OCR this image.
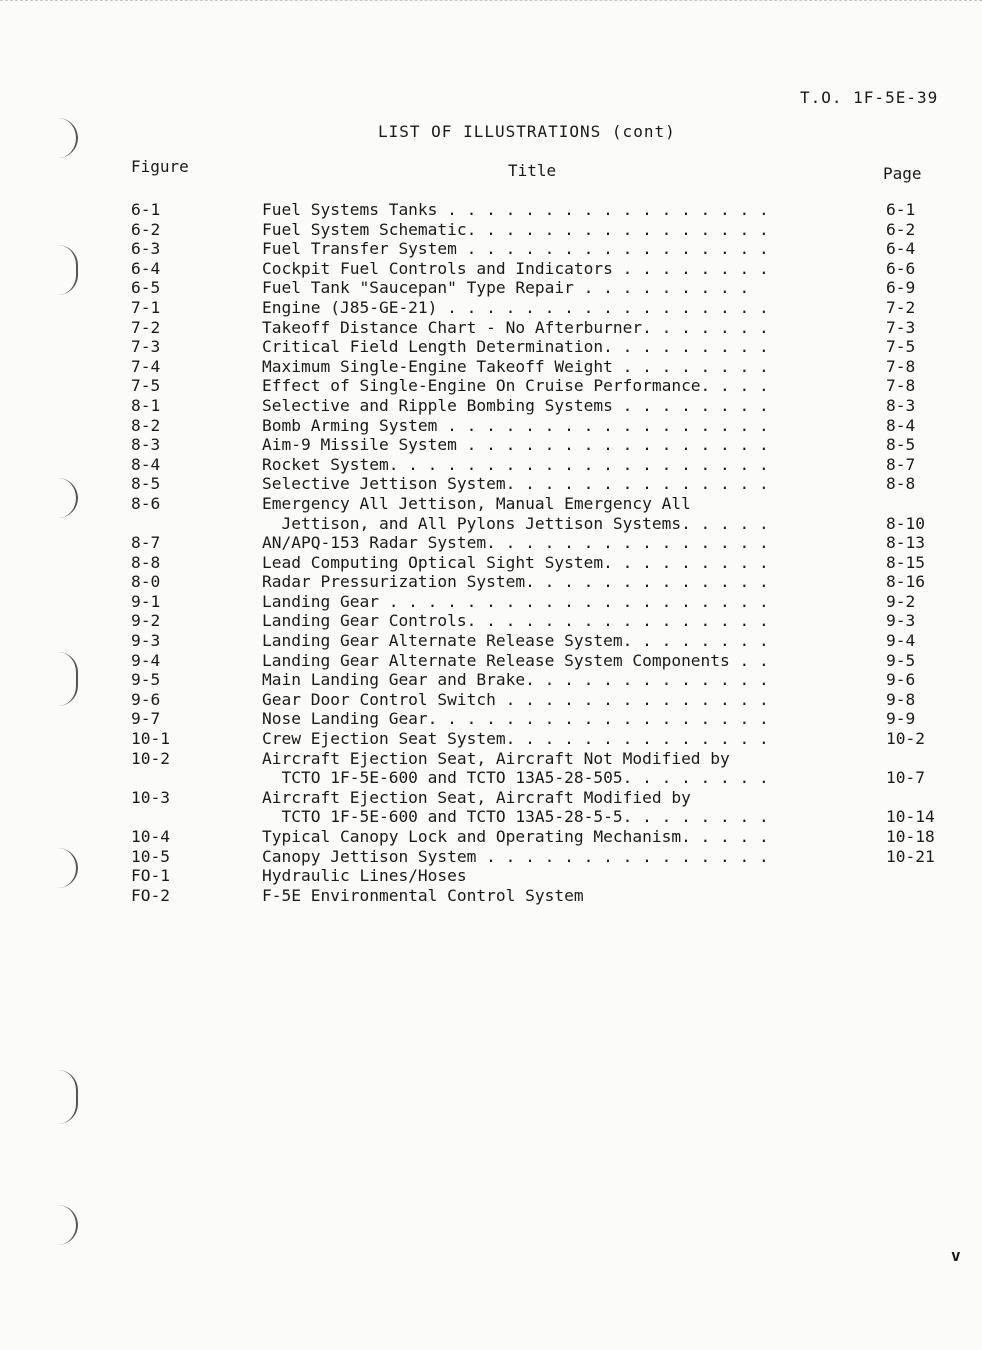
T.O. 1F-5E-39
LIST OF ILLUSTRATIONS (cont)
Figure	Title	Page
6-1	Fuel Systems Tanks . . . . . . . . . . . . . . . . .	6-1
6-2	Fuel System Schematic. . . . . . . . . . . . . . . .	6-2
6-3	Fuel Transfer System . . . . . . . . . . . . . . . .	6-4
6-4	Cockpit Fuel Controls and Indicators . . . . . . . .	6-6
6-5	Fuel Tank "Saucepan" Type Repair . . . . . . . . .	6-9
7-1	Engine (J85-GE-21) . . . . . . . . . . . . . . . . .	7-2
7-2	Takeoff Distance Chart - No Afterburner. . . . . . .	7-3
7-3	Critical Field Length Determination. . . . . . . . .	7-5
7-4	Maximum Single-Engine Takeoff Weight . . . . . . . .	7-8
7-5	Effect of Single-Engine On Cruise Performance. . . .	7-8
8-1	Selective and Ripple Bombing Systems . . . . . . . .	8-3
8-2	Bomb Arming System . . . . . . . . . . . . . . . . .	8-4
8-3	Aim-9 Missile System . . . . . . . . . . . . . . . .	8-5
8-4	Rocket System. . . . . . . . . . . . . . . . . . . .	8-7
8-5	Selective Jettison System. . . . . . . . . . . . . .	8-8
8-6	Emergency All Jettison, Manual Emergency All
Jettison, and All Pylons Jettison Systems. . . . .	8-10
8-7	AN/APQ-153 Radar System. . . . . . . . . . . . . . .	8-13
8-8	Lead Computing Optical Sight System. . . . . . . . .	8-15
8-0	Radar Pressurization System. . . . . . . . . . . . .	8-16
9-1	Landing Gear . . . . . . . . . . . . . . . . . . . .	9-2
9-2	Landing Gear Controls. . . . . . . . . . . . . . . .	9-3
9-3	Landing Gear Alternate Release System. . . . . . . .	9-4
9-4	Landing Gear Alternate Release System Components . .	9-5
9-5	Main Landing Gear and Brake. . . . . . . . . . . . .	9-6
9-6	Gear Door Control Switch . . . . . . . . . . . . . .	9-8
9-7	Nose Landing Gear. . . . . . . . . . . . . . . . . .	9-9
10-1	Crew Ejection Seat System. . . . . . . . . . . . . .	10-2
10-2	Aircraft Ejection Seat, Aircraft Not Modified by
TCTO 1F-5E-600 and TCTO 13A5-28-505. . . . . . . .	10-7
10-3	Aircraft Ejection Seat, Aircraft Modified by
TCTO 1F-5E-600 and TCTO 13A5-28-5-5. . . . . . . .	10-14
10-4	Typical Canopy Lock and Operating Mechanism. . . . .	10-18
10-5	Canopy Jettison System . . . . . . . . . . . . . . .	10-21
FO-1	Hydraulic Lines/Hoses
FO-2	F-5E Environmental Control System
v
